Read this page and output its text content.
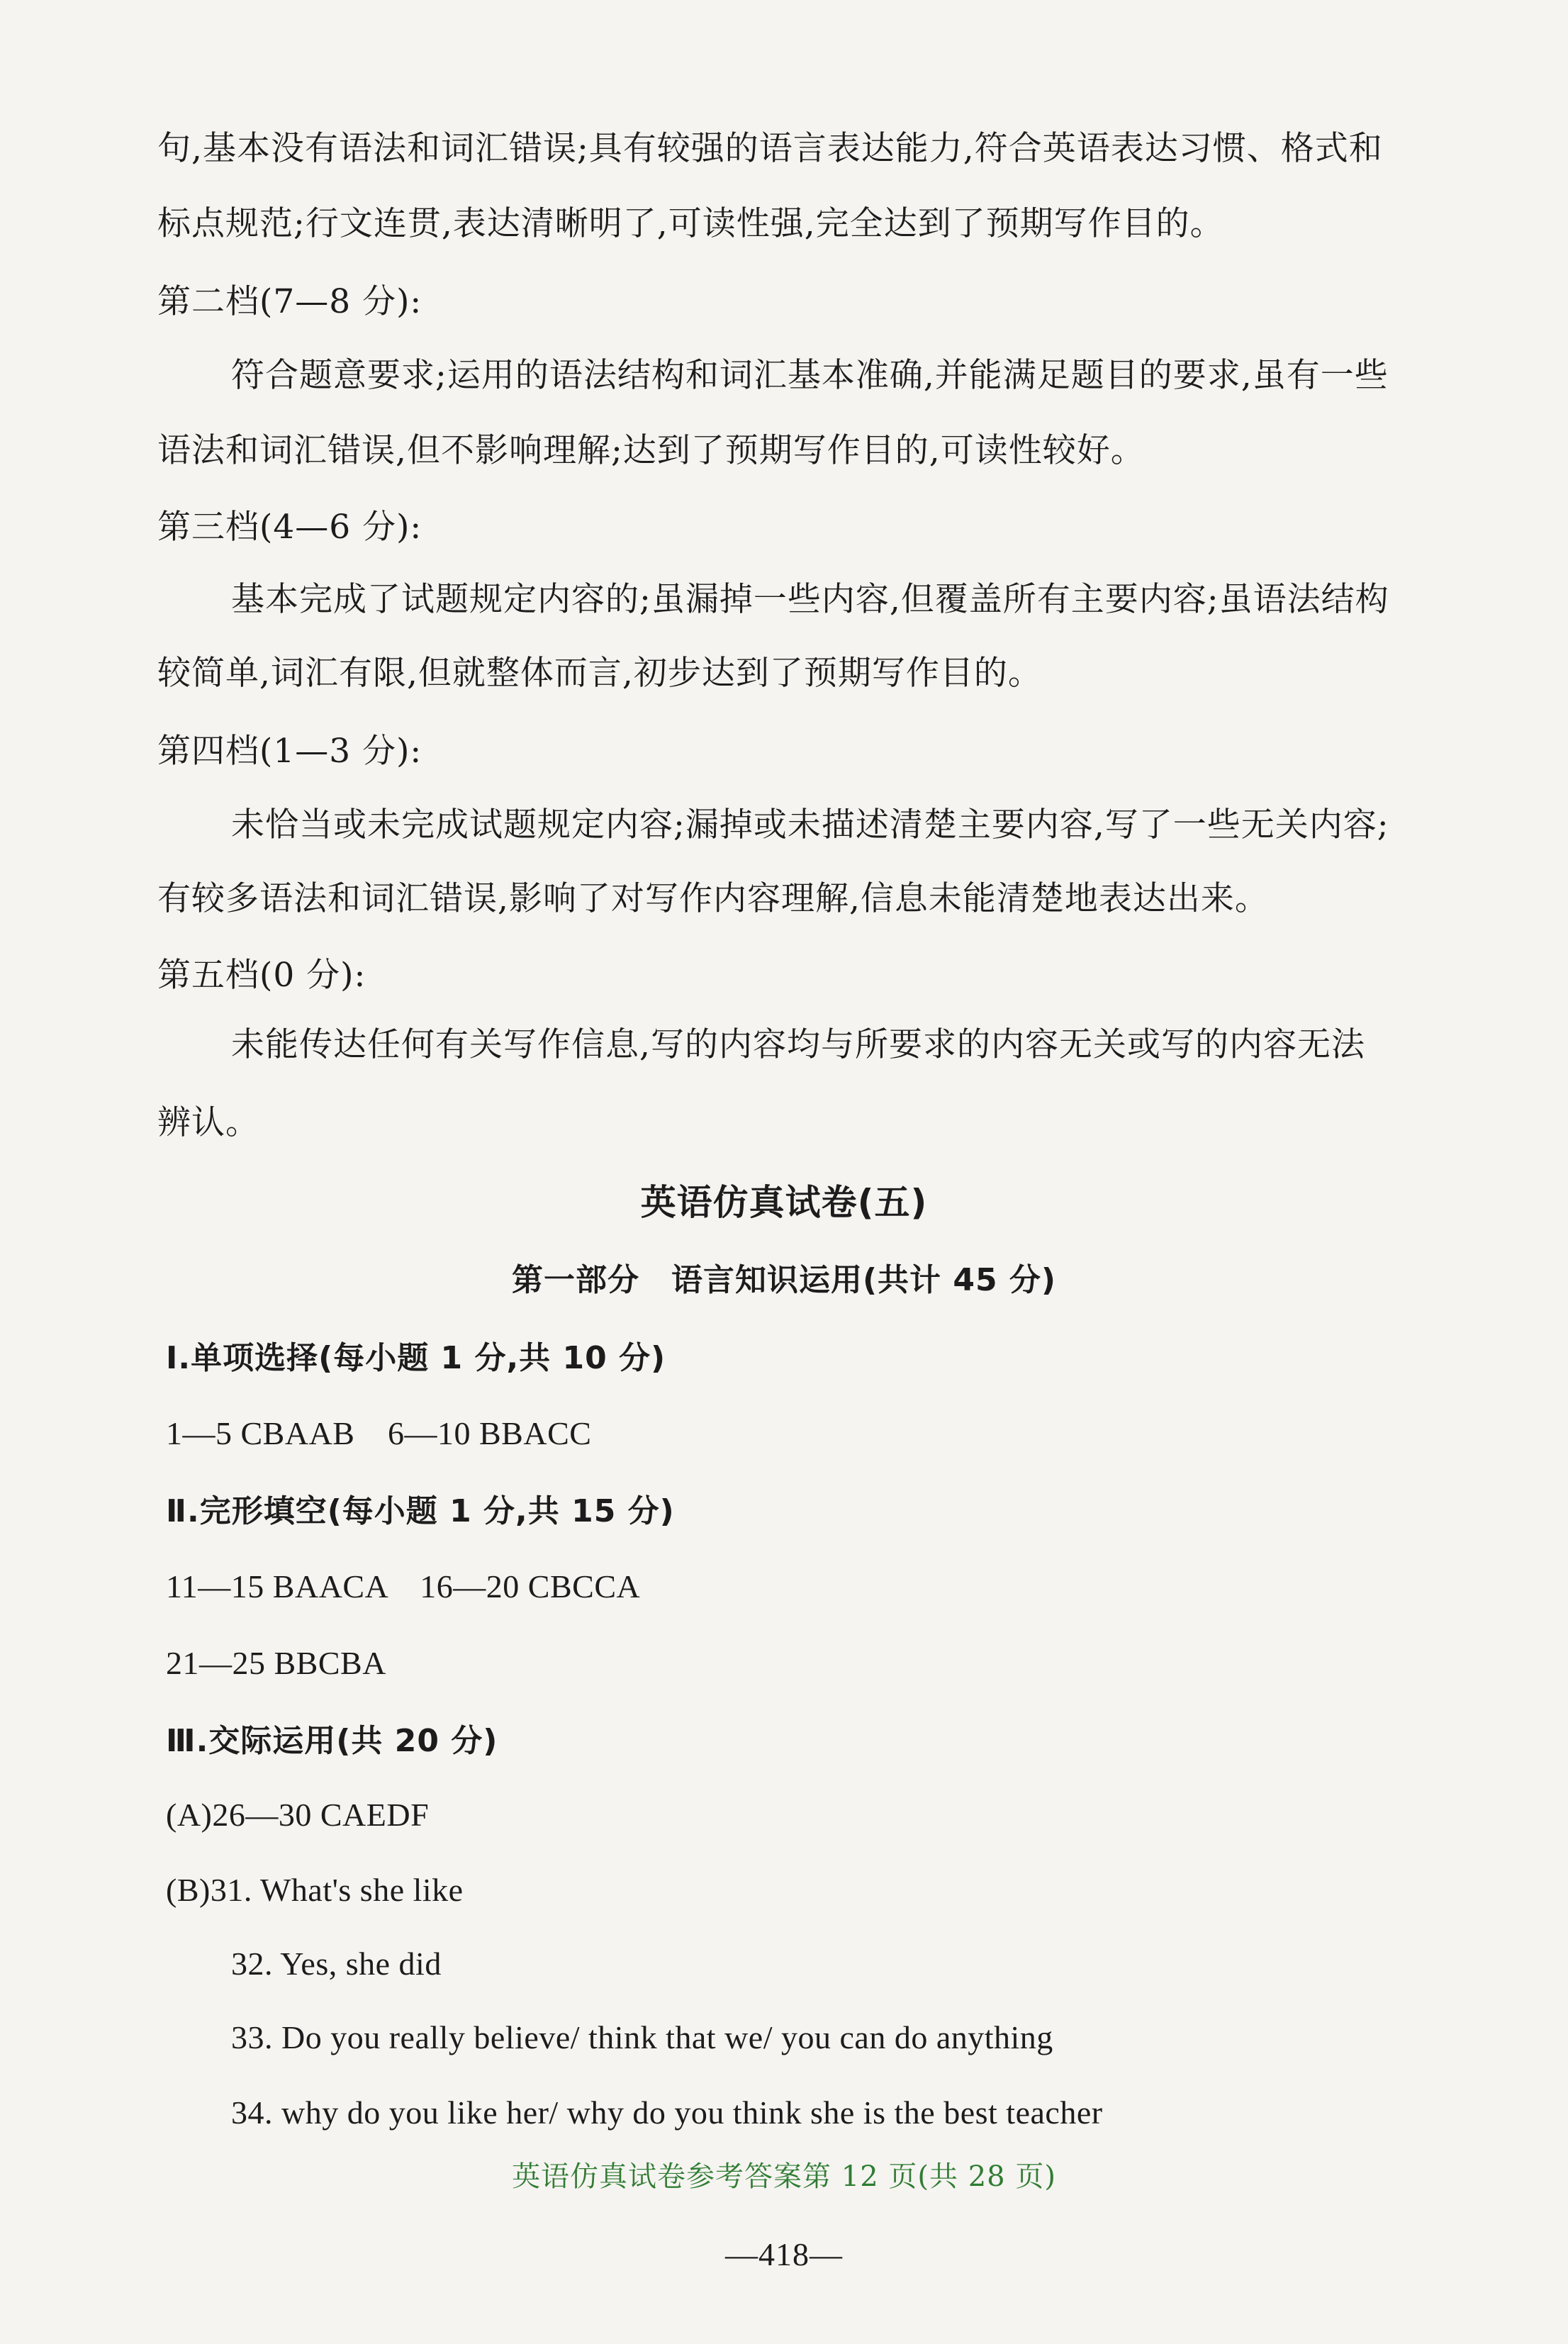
句,基本没有语法和词汇错误;具有较强的语言表达能力,符合英语表达习惯、格式和
标点规范;行文连贯,表达清晰明了,可读性强,完全达到了预期写作目的。
第二档(7—8 分):
符合题意要求;运用的语法结构和词汇基本准确,并能满足题目的要求,虽有一些
语法和词汇错误,但不影响理解;达到了预期写作目的,可读性较好。
第三档(4—6 分):
基本完成了试题规定内容的;虽漏掉一些内容,但覆盖所有主要内容;虽语法结构
较简单,词汇有限,但就整体而言,初步达到了预期写作目的。
第四档(1—3 分):
未恰当或未完成试题规定内容;漏掉或未描述清楚主要内容,写了一些无关内容;
有较多语法和词汇错误,影响了对写作内容理解,信息未能清楚地表达出来。
第五档(0 分):
未能传达任何有关写作信息,写的内容均与所要求的内容无关或写的内容无法
辨认。
英语仿真试卷(五)
第一部分　语言知识运用(共计 45 分)
Ⅰ.单项选择(每小题 1 分,共 10 分)
1—5 CBAAB　6—10 BBACC
Ⅱ.完形填空(每小题 1 分,共 15 分)
11—15 BAACA　16—20 CBCCA
21—25 BBCBA
Ⅲ.交际运用(共 20 分)
(A)26—30 CAEDF
(B)31. What's she like
32. Yes, she did
33. Do you really believe/ think that we/ you can do anything
34. why do you like her/ why do you think she is the best teacher
英语仿真试卷参考答案第 12 页(共 28 页)
—418—
